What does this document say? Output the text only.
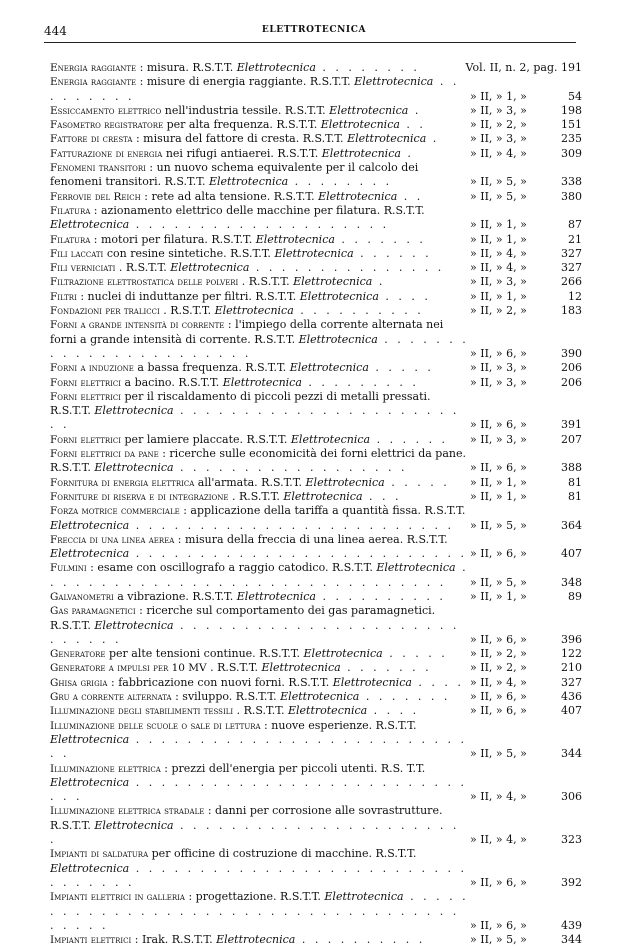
444	ELETTROTECNICA
Energia raggiante : misura. R.S.T.T. Elettrotecnica . . . . . . . .	Vol. II, n. 2, pag. 191
Energia raggiante : misure di energia raggiante. R.S.T.T. Elettrotecnica . . . . . . . . .	» II, » 1, »	54
Essiccamento elettrico nell'industria tessile. R.S.T.T. Elettrotecnica .	» II, » 3, »	198
Fasometro registratore per alta frequenza. R.S.T.T. Elettrotecnica . .	» II, » 2, »	151
Fattore di cresta : misura del fattore di cresta. R.S.T.T. Elettrotecnica .	» II, » 3, »	235
Fatturazione di energia nei rifugi antiaerei. R.S.T.T. Elettrotecnica .	» II, » 4, »	309
Fenomeni transitori : un nuovo schema equivalente per il calcolo dei fenomeni transitori. R.S.T.T. Elettrotecnica . . . . . . . .	» II, » 5, »	338
Ferrovie del Reich : rete ad alta tensione. R.S.T.T. Elettrotecnica . .	» II, » 5, »	380
Filatura : azionamento elettrico delle macchine per filatura. R.S.T.T. Elettrotecnica . . . . . . . . . . . . . . . . . . . .	» II, » 1, »	87
Filatura : motori per filatura. R.S.T.T. Elettrotecnica . . . . . . .	» II, » 1, »	21
Fili laccati con resine sintetiche. R.S.T.T. Elettrotecnica . . . . . .	» II, » 4, »	327
Fili verniciati . R.S.T.T. Elettrotecnica . . . . . . . . . . . . . . .	» II, » 4, »	327
Filtrazione elettrostatica delle polveri . R.S.T.T. Elettrotecnica .	» II, » 3, »	266
Filtri : nuclei di induttanze per filtri. R.S.T.T. Elettrotecnica . . . .	» II, » 1, »	12
Fondazioni per tralicci . R.S.T.T. Elettrotecnica . . . . . . . . . .	» II, » 2, »	183
Forni a grande intensità di corrente : l'impiego della corrente alternata nei forni a grande intensità di corrente. R.S.T.T. Elettrotecnica . . . . . . . . . . . . . . . . . . . . . . .	» II, » 6, »	390
Forni a induzione a bassa frequenza. R.S.T.T. Elettrotecnica . . . . .	» II, » 3, »	206
Forni elettrici a bacino. R.S.T.T. Elettrotecnica . . . . . . . . .	» II, » 3, »	206
Forni elettrici per il riscaldamento di piccoli pezzi di metalli pressati. R.S.T.T. Elettrotecnica . . . . . . . . . . . . . . . . . . . . . . . .	» II, » 6, »	391
Forni elettrici per lamiere placcate. R.S.T.T. Elettrotecnica . . . . . .	» II, » 3, »	207
Forni elettrici da pane : ricerche sulle economicità dei forni elettrici da pane. R.S.T.T. Elettrotecnica . . . . . . . . . . . . . . . . . .	» II, » 6, »	388
Fornitura di energia elettrica all'armata. R.S.T.T. Elettrotecnica . . . . .	» II, » 1, »	81
Forniture di riserva e di integrazione . R.S.T.T. Elettrotecnica . . .	» II, » 1, »	81
Forza motrice commerciale : applicazione della tariffa a quantità fissa. R.S.T.T. Elettrotecnica . . . . . . . . . . . . . . . . . . . . . . . . .	» II, » 5, »	364
Freccia di una linea aerea : misura della freccia di una linea aerea. R.S.T.T. Elettrotecnica . . . . . . . . . . . . . . . . . . . . . . . . . . » II, » 6, »	407
Fulmini : esame con oscillografo a raggio catodico. R.S.T.T. Elettrotecnica . . . . . . . . . . . . . . . . . . . . . . . . . . . . . . . .	» II, » 5, »	348
Galvanometri a vibrazione. R.S.T.T. Elettrotecnica . . . . . . . . . .	» II, » 1, »	89
Gas paramagnetici : ricerche sul comportamento dei gas paramagnetici. R.S.T.T. Elettrotecnica . . . . . . . . . . . . . . . . . . . . . . . . . . . .	» II, » 6, »	396
Generatore per alte tensioni continue. R.S.T.T. Elettrotecnica . . . . .	» II, » 2, »	122
Generatore a impulsi per 10 MV . R.S.T.T. Elettrotecnica . . . . . . .	» II, » 2, »	210
Ghisa grigia : fabbricazione con nuovi forni. R.S.T.T. Elettrotecnica . . . . » II, » 4, »	327
Gru a corrente alternata : sviluppo. R.S.T.T. Elettrotecnica . . . . . . .	» II, » 6, »	436
Illuminazione degli stabilimenti tessili . R.S.T.T. Elettrotecnica . . . .	» II, » 6, »	407
Illuminazione delle scuole o sale di lettura : nuove esperienze. R.S.T.T. Elettrotecnica . . . . . . . . . . . . . . . . . . . . . . . . . . . .	» II, » 5, »	344
Illuminazione elettrica : prezzi dell'energia per piccoli utenti. R.S. T.T. Elettrotecnica . . . . . . . . . . . . . . . . . . . . . . . . . . . . .	» II, » 4, »	306
Illuminazione elettrica stradale : danni per corrosione alle sovrastrutture. R.S.T.T. Elettrotecnica . . . . . . . . . . . . . . . . . . . . . . .	» II, » 4, »	323
Impianti di saldatura per officine di costruzione di macchine. R.S.T.T. Elettrotecnica . . . . . . . . . . . . . . . . . . . . . . . . . . . . . . . . .	» II, » 6, »	392
Impianti elettrici in galleria : progettazione. R.S.T.T. Elettrotecnica . . . . . . . . . . . . . . . . . . . . . . . . . . . . . . . . . . . . . . . . . .	» II, » 6, »	439
Impianti elettrici : Irak. R.S.T.T. Elettrotecnica . . . . . . . . . .	» II, » 5, »	344
